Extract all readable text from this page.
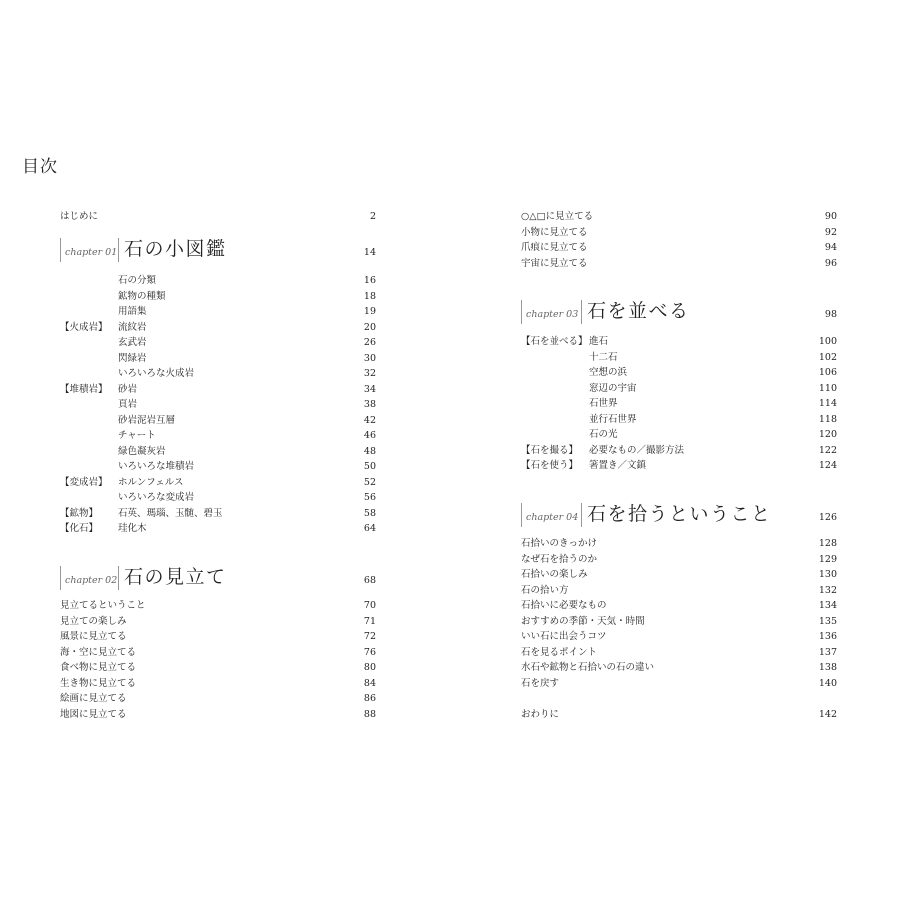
目次
はじめに	2
chapter 01 石の小図鑑	14
石の分類	16
鉱物の種類	18
用語集	19
【火成岩】 流紋岩	20
玄武岩	26
閃緑岩	30
いろいろな火成岩	32
【堆積岩】 砂岩	34
頁岩	38
砂岩泥岩互層	42
チャート	46
緑色凝灰岩	48
いろいろな堆積岩	50
【変成岩】 ホルンフェルス	52
いろいろな変成岩	56
【鉱物】 石英、瑪瑙、玉髄、碧玉	58
【化石】 珪化木	64
chapter 02 石の見立て	68
見立てるということ	70
見立ての楽しみ	71
風景に見立てる	72
海・空に見立てる	76
食べ物に見立てる	80
生き物に見立てる	84
絵画に見立てる	86
地図に見立てる	88
○△□に見立てる	90
小物に見立てる	92
爪痕に見立てる	94
宇宙に見立てる	96
chapter 03 石を並べる	98
【石を並べる】 進石	100
十二石	102
空想の浜	106
窓辺の宇宙	110
石世界	114
並行石世界	118
石の光	120
【石を撮る】 必要なもの／撮影方法	122
【石を使う】 箸置き／文鎮	124
chapter 04 石を拾うということ	126
石拾いのきっかけ	128
なぜ石を拾うのか	129
石拾いの楽しみ	130
石の拾い方	132
石拾いに必要なもの	134
おすすめの季節・天気・時間	135
いい石に出会うコツ	136
石を見るポイント	137
水石や鉱物と石拾いの石の違い	138
石を戻す	140
おわりに	142
